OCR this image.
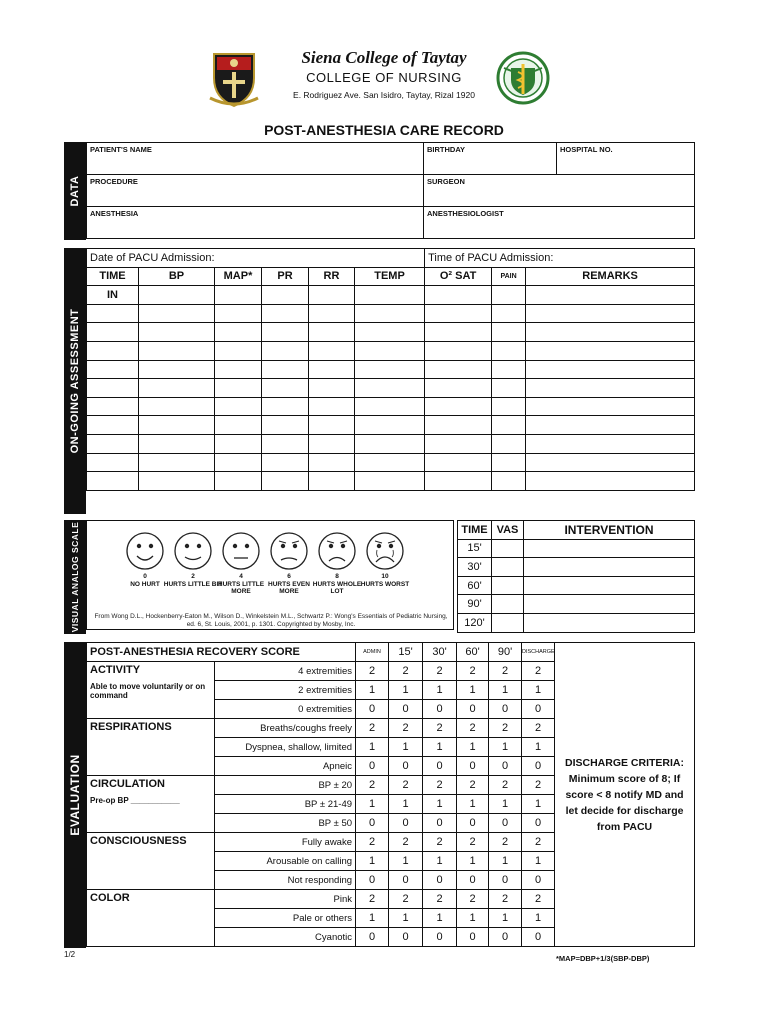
Siena College of Taytay
COLLEGE OF NURSING
E. Rodriguez Ave. San Isidro, Taytay, Rizal 1920
POST-ANESTHESIA CARE RECORD
DATA
PATIENT'S NAME	BIRTHDAY	HOSPITAL NO.
PROCEDURE	SURGEON	
ANESTHESIA	ANESTHESIOLOGIST	
ON-GOING ASSESSMENT
Date of PACU Admission:						Time of PACU Admission:		
TIME	BP	MAP*	PR	RR	TEMP	O² SAT	PAIN	REMARKS
IN								

VISUAL ANALOG SCALE From Wong D.L., Hockenberry-Eaton M., Wilson D., Winkelstein M.L., Schwartz P.: Wong's Essentials of Pediatric Nursing, ed. 6, St. Louis, 2001, p. 1301. Copyrighted by Mosby, Inc.
0
NO HURT
2
HURTS LITTLE BIT
4
HURTS LITTLE MORE
6
HURTS EVEN MORE
8
HURTS WHOLE LOT
10
HURTS WORST
TIME	VAS	INTERVENTION
15'		
30'		
60'		
90'		
120'		
EVALUATION
POST-ANESTHESIA RECOVERY SCORE		ADMIN	15'	30'	60'	90'	DISCHARGE	DISCHARGE CRITERIA:
Minimum score of 8; If score < 8 notify MD and let decide for discharge from PACU

ACTIVITY	4 extremities	2	2	2	2	2	2	
Able to move voluntarily or on command	2 extremities	1	1	1	1	1	1	
	0 extremities	0	0	0	0	0	0	
RESPIRATIONS	Breaths/coughs freely	2	2	2	2	2	2	
	Dyspnea, shallow, limited	1	1	1	1	1	1	
	Apneic	0	0	0	0	0	0	
CIRCULATION	BP ± 20	2	2	2	2	2	2	
Pre-op BP ___________	BP ± 21-49	1	1	1	1	1	1	
	BP ± 50	0	0	0	0	0	0	
CONSCIOUSNESS	Fully awake	2	2	2	2	2	2	
	Arousable on calling	1	1	1	1	1	1	
	Not responding	0	0	0	0	0	0	
COLOR	Pink	2	2	2	2	2	2	
	Pale or others	1	1	1	1	1	1	
	Cyanotic	0	0	0	0	0	0	
1/2	*MAP=DBP+1/3(SBP-DBP)
